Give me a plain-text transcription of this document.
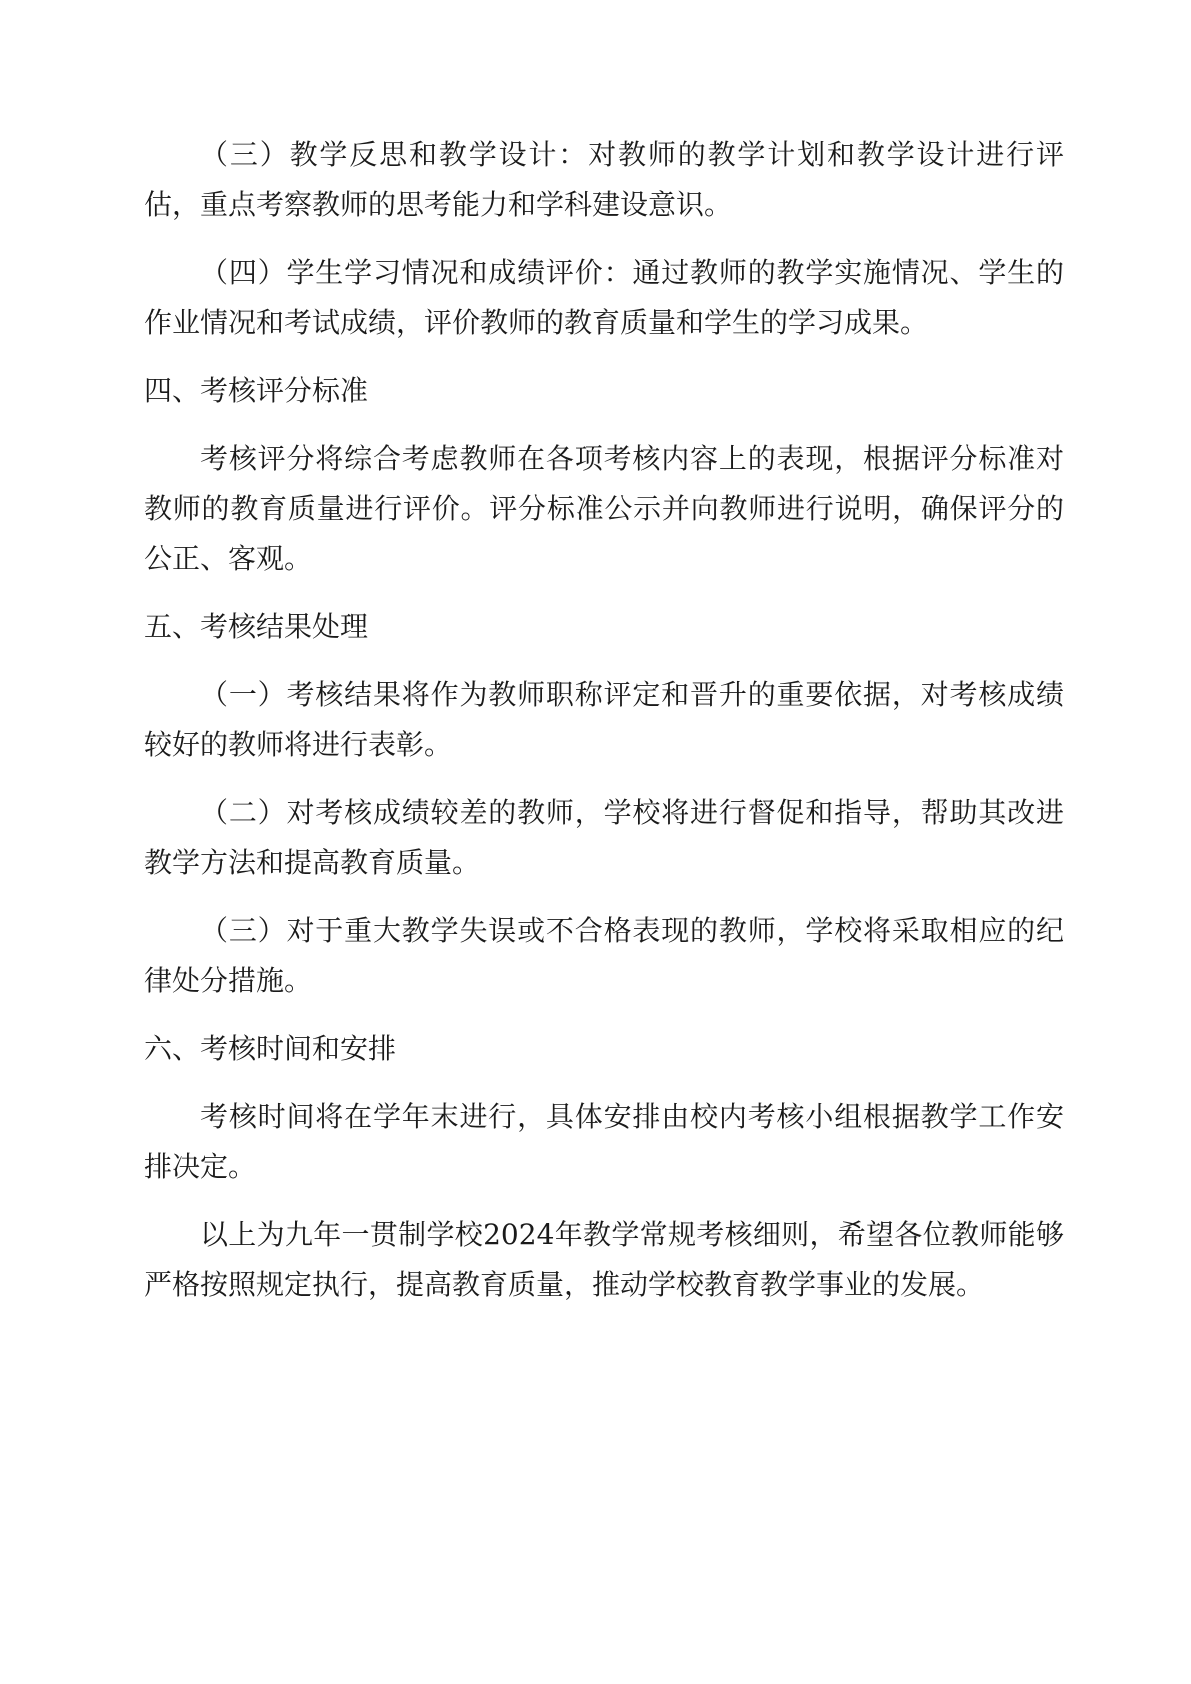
（三）教学反思和教学设计：对教师的教学计划和教学设计进行评估，重点考察教师的思考能力和学科建设意识。

（四）学生学习情况和成绩评价：通过教师的教学实施情况、学生的作业情况和考试成绩，评价教师的教育质量和学生的学习成果。

四、考核评分标准

考核评分将综合考虑教师在各项考核内容上的表现，根据评分标准对教师的教育质量进行评价。评分标准公示并向教师进行说明，确保评分的公正、客观。

五、考核结果处理

（一）考核结果将作为教师职称评定和晋升的重要依据，对考核成绩较好的教师将进行表彰。

（二）对考核成绩较差的教师，学校将进行督促和指导，帮助其改进教学方法和提高教育质量。

（三）对于重大教学失误或不合格表现的教师，学校将采取相应的纪律处分措施。

六、考核时间和安排

考核时间将在学年末进行，具体安排由校内考核小组根据教学工作安排决定。

以上为九年一贯制学校2024年教学常规考核细则，希望各位教师能够严格按照规定执行，提高教育质量，推动学校教育教学事业的发展。
